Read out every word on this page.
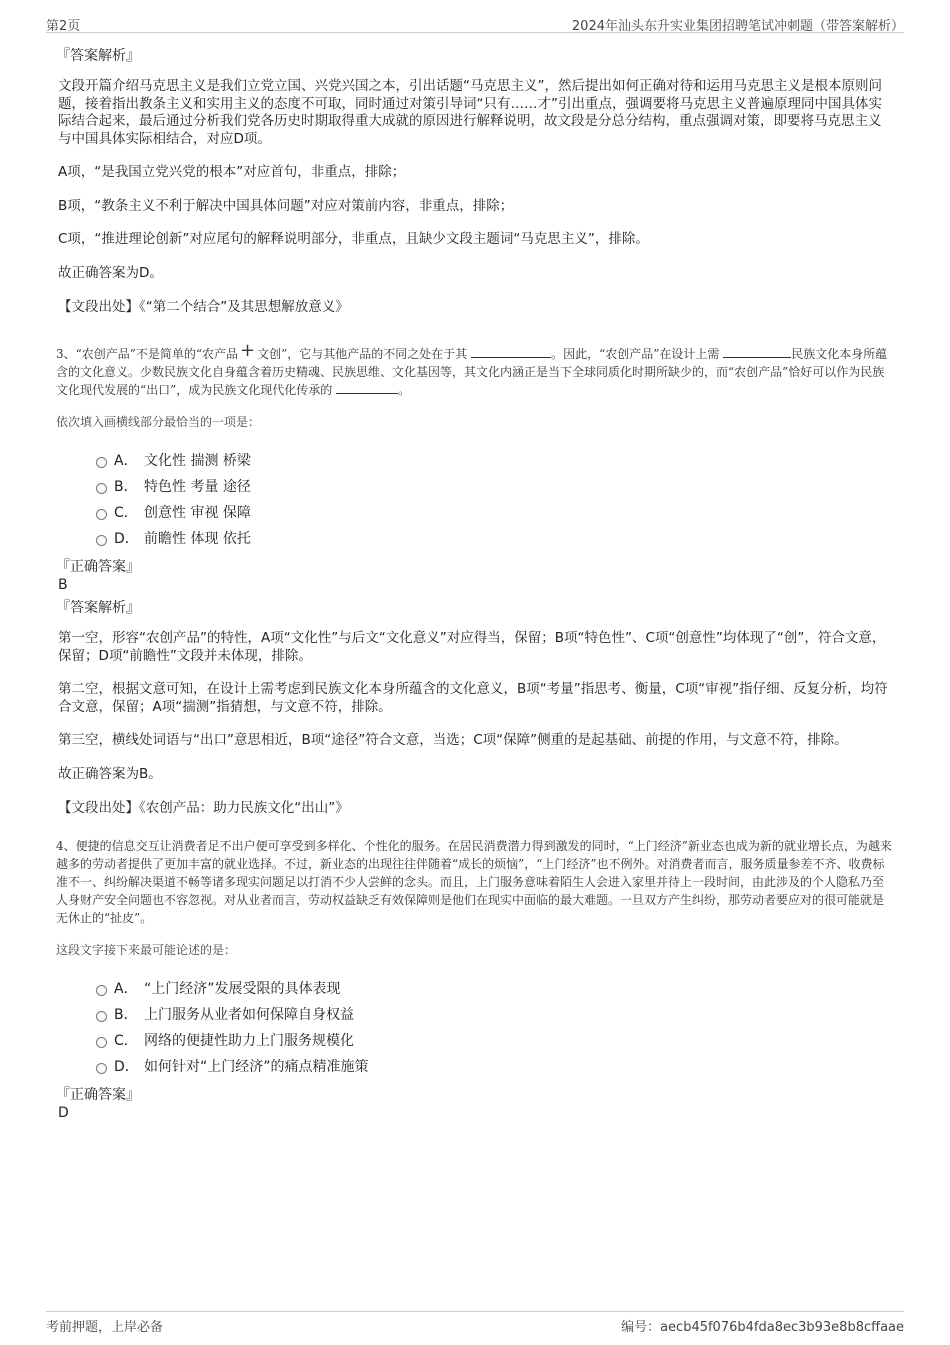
第2页	2024年汕头东升实业集团招聘笔试冲刺题（带答案解析）

『答案解析』

文段开篇介绍马克思主义是我们立党立国、兴党兴国之本，引出话题“马克思主义”，然后提出如何正确对待和运用马克思主义是根本原则问题，接着指出教条主义和实用主义的态度不可取，同时通过对策引导词“只有……才”引出重点，强调要将马克思主义普遍原理同中国具体实际结合起来，最后通过分析我们党各历史时期取得重大成就的原因进行解释说明，故文段是分总分结构，重点强调对策，即要将马克思主义与中国具体实际相结合，对应D项。

A项，“是我国立党兴党的根本”对应首句，非重点，排除；

B项，“教条主义不利于解决中国具体问题”对应对策前内容，非重点，排除；

C项，“推进理论创新”对应尾句的解释说明部分，非重点，且缺少文段主题词“马克思主义”，排除。

故正确答案为D。

【文段出处】《“第二个结合”及其思想解放意义》

3、“农创产品”不是简单的“农产品 + 文创”，它与其他产品的不同之处在于其	。因此，“农创产品”在设计上需	民族文化本身所蕴含的文化意义。少数民族文化自身蕴含着历史精魂、民族思维、文化基因等，其文化内涵正是当下全球同质化时期所缺少的，而“农创产品”恰好可以作为民族文化现代发展的“出口”，成为民族文化现代化传承的	。

依次填入画横线部分最恰当的一项是：

A． 文化性 揣测 桥梁
B． 特色性 考量 途径
C． 创意性 审视 保障
D． 前瞻性 体现 依托

『正确答案』

B

『答案解析』

第一空，形容“农创产品”的特性，A项“文化性”与后文“文化意义”对应得当，保留；B项“特色性”、C项“创意性”均体现了“创”，符合文意，保留；D项“前瞻性”文段并未体现，排除。

第二空，根据文意可知，在设计上需考虑到民族文化本身所蕴含的文化意义，B项“考量”指思考、衡量，C项“审视”指仔细、反复分析，均符合文意，保留；A项“揣测”指猜想，与文意不符，排除。

第三空，横线处词语与“出口”意思相近，B项“途径”符合文意，当选；C项“保障”侧重的是起基础、前提的作用，与文意不符，排除。

故正确答案为B。

【文段出处】《农创产品：助力民族文化“出山”》

4、便捷的信息交互让消费者足不出户便可享受到多样化、个性化的服务。在居民消费潜力得到激发的同时，“上门经济”新业态也成为新的就业增长点，为越来越多的劳动者提供了更加丰富的就业选择。不过，新业态的出现往往伴随着“成长的烦恼”，“上门经济”也不例外。对消费者而言，服务质量参差不齐、收费标准不一、纠纷解决渠道不畅等诸多现实问题足以打消不少人尝鲜的念头。而且，上门服务意味着陌生人会进入家里并待上一段时间，由此涉及的个人隐私乃至人身财产安全问题也不容忽视。对从业者而言，劳动权益缺乏有效保障则是他们在现实中面临的最大难题。一旦双方产生纠纷，那劳动者要应对的很可能就是无休止的“扯皮”。

这段文字接下来最可能论述的是：

A． “上门经济”发展受限的具体表现
B． 上门服务从业者如何保障自身权益
C． 网络的便捷性助力上门服务规模化
D． 如何针对“上门经济”的痛点精准施策

『正确答案』

D

考前押题，上岸必备	编号：aecb45f076b4fda8ec3b93e8b8cffaae
